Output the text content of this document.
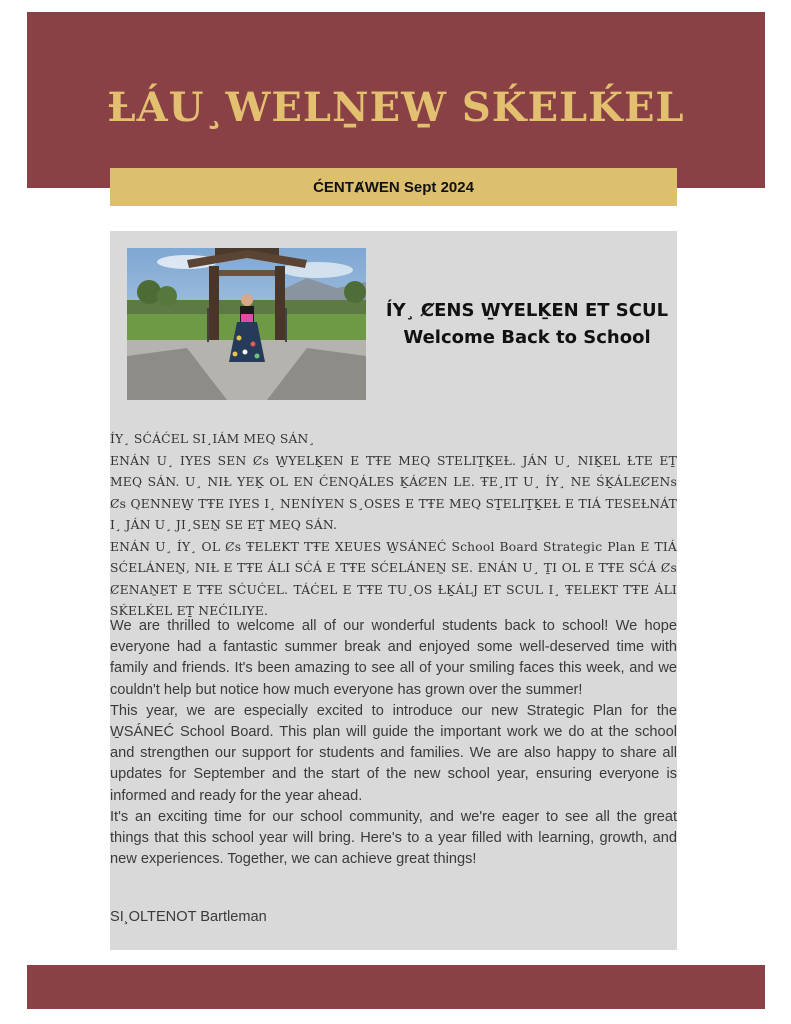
ȽÁU¸WELṈEW̱ SḰELḰEL
ĆENTȺWEN Sept 2024
ÍY¸ ȻENS W̱YELḴEN ET SCUL
Welcome Back to School

ÍY¸ SĆÁĆEL SI¸IÁM MEQ SÁN¸

ENÁN U¸ IYES SEN Ȼs W̱YELḴEN E TŦE MEQ STELIṮḴEȽ. JÁN U¸ NIḴEL ȽTE EṮ MEQ SÁN. U¸ NIȽ YEḴ OL EN ĆENQÁLES ḴÁȻEN LE. ŦE¸IT U¸ ÍY¸ NE ŚḴÁLEȻENs Ȼs QENNEW̱ TŦE IYES I¸ NENÍYEN S¸OSES E TŦE MEQ SṮELIṮḴEȽ E TIÁ TESEȽNÁT I¸ JÁN U¸ JI¸SEṈ SE EṮ MEQ SÁN.

ENÁN U¸ ÍY¸ OL Ȼs ŦELEKT TŦE XEUES W̱SÁNEĆ School Board Strategic Plan E TIÁ SĆELÁNEṈ, NIȽ E TŦE ÁLI SĆÁ E TŦE SĆELÁNEṈ SE. ENÁN U¸ ṮI OL E TŦE SĆÁ Ȼs ȻENAṈET E TŦE SĆUĆEL. TÁĆEL E TŦE TU¸OS ȽḴÁLJ ET SCUL I¸ ŦELEKT TŦE ÁLI SḰELḰEL EṮ NEĆILIYE.

We are thrilled to welcome all of our wonderful students back to school! We hope everyone had a fantastic summer break and enjoyed some well-deserved time with family and friends. It's been amazing to see all of your smiling faces this week, and we couldn't help but notice how much everyone has grown over the summer!

This year, we are especially excited to introduce our new Strategic Plan for the W̱SÁNEĆ School Board. This plan will guide the important work we do at the school and strengthen our support for students and families. We are also happy to share all updates for September and the start of the new school year, ensuring everyone is informed and ready for the year ahead.

It's an exciting time for our school community, and we're eager to see all the great things that this school year will bring. Here's to a year filled with learning, growth, and new experiences. Together, we can achieve great things!

SI¸OLTENOT Bartleman
